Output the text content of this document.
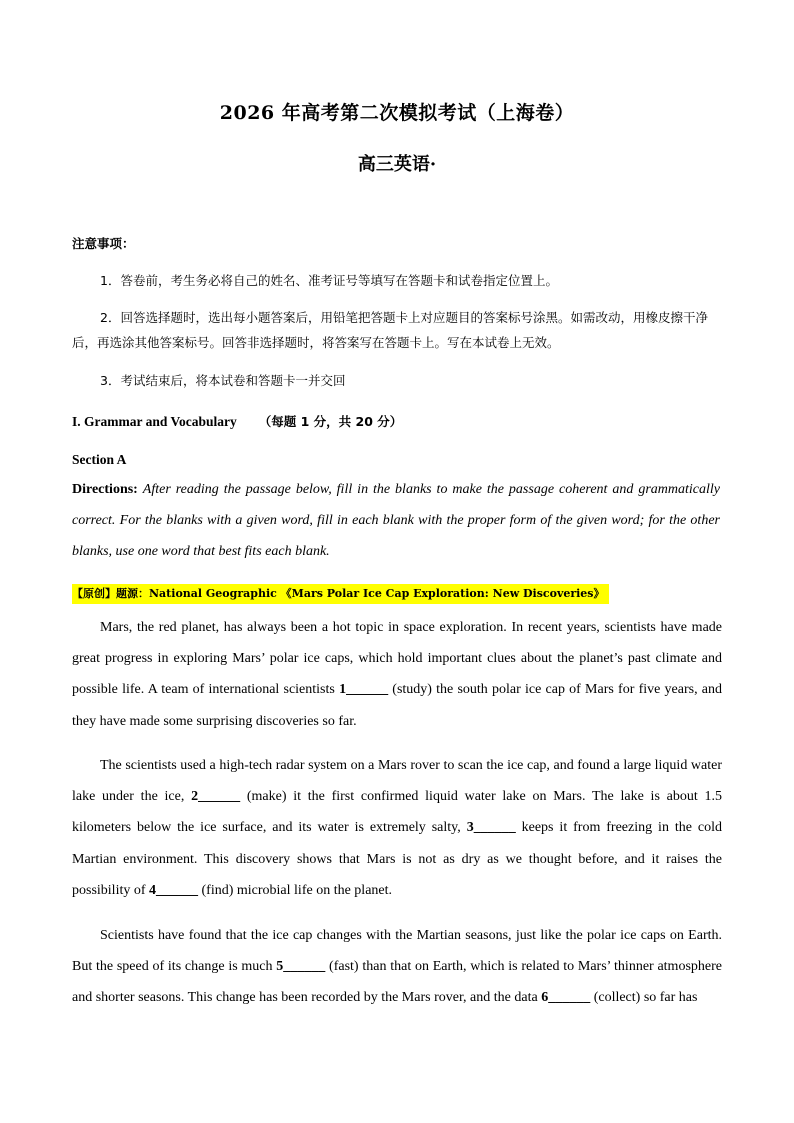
2026 年高考第二次模拟考试（上海卷）
高三英语·
注意事项：
1．答卷前，考生务必将自己的姓名、准考证号等填写在答题卡和试卷指定位置上。
2．回答选择题时，选出每小题答案后，用铅笔把答题卡上对应题目的答案标号涂黑。如需改动，用橡皮擦干净后，再选涂其他答案标号。回答非选择题时，将答案写在答题卡上。写在本试卷上无效。
3．考试结束后，将本试卷和答题卡一并交回
I. Grammar and Vocabulary （每题 1 分，共 20 分）
Section A
Directions: After reading the passage below, fill in the blanks to make the passage coherent and grammatically correct. For the blanks with a given word, fill in each blank with the proper form of the given word; for the other blanks, use one word that best fits each blank.
【原创】题源：National Geographic 《Mars Polar Ice Cap Exploration: New Discoveries》
Mars, the red planet, has always been a hot topic in space exploration. In recent years, scientists have made great progress in exploring Mars’ polar ice caps, which hold important clues about the planet’s past climate and possible life. A team of international scientists 1______ (study) the south polar ice cap of Mars for five years, and they have made some surprising discoveries so far.
The scientists used a high-tech radar system on a Mars rover to scan the ice cap, and found a large liquid water lake under the ice, 2______ (make) it the first confirmed liquid water lake on Mars. The lake is about 1.5 kilometers below the ice surface, and its water is extremely salty, 3______ keeps it from freezing in the cold Martian environment. This discovery shows that Mars is not as dry as we thought before, and it raises the possibility of 4______ (find) microbial life on the planet.
Scientists have found that the ice cap changes with the Martian seasons, just like the polar ice caps on Earth. But the speed of its change is much 5______ (fast) than that on Earth, which is related to Mars’ thinner atmosphere and shorter seasons. This change has been recorded by the Mars rover, and the data 6______ (collect) so far has
